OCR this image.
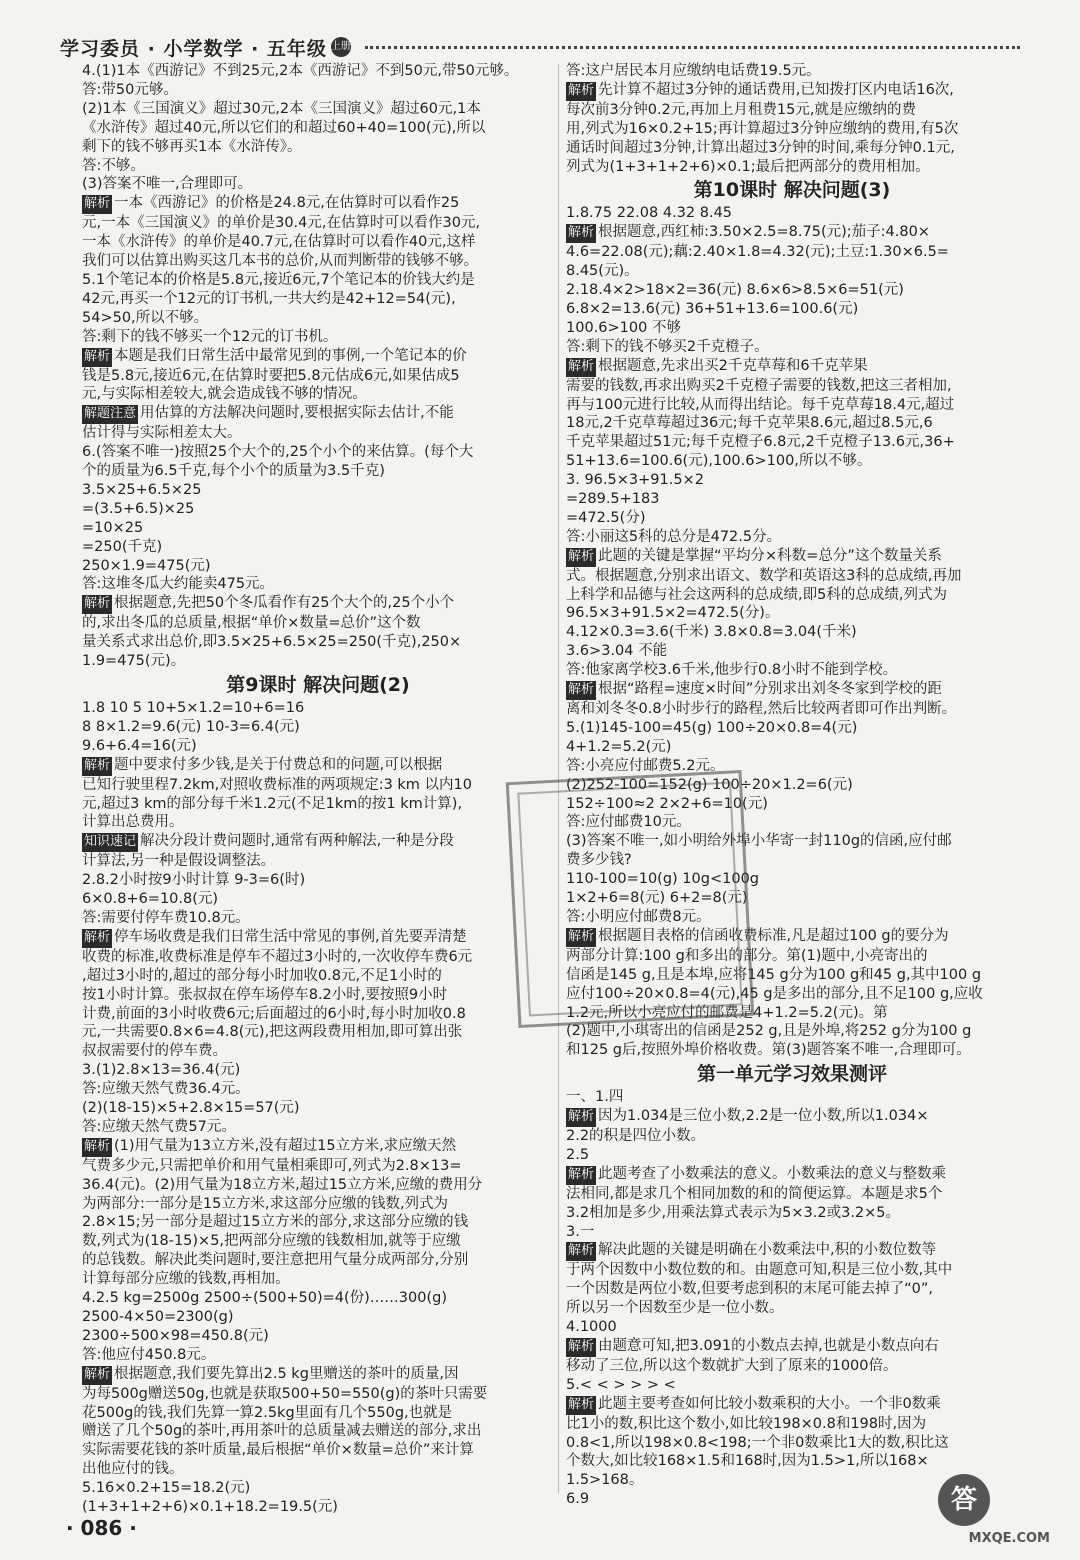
学习委员 · 小学数学 · 五年级 上册
4.(1)1本《西游记》不到25元,2本《西游记》不到50元,带50元够。
答:带50元够。
(2)1本《三国演义》超过30元,2本《三国演义》超过60元,1本
《水浒传》超过40元,所以它们的和超过60+40=100(元),所以
剩下的钱不够再买1本《水浒传》。
答:不够。
(3)答案不唯一,合理即可。
解析 一本《西游记》的价格是24.8元,在估算时可以看作25
元,一本《三国演义》的单价是30.4元,在估算时可以看作30元,
一本《水浒传》的单价是40.7元,在估算时可以看作40元,这样
我们可以估算出购买这几本书的总价,从而判断带的钱够不够。
5.1个笔记本的价格是5.8元,接近6元,7个笔记本的价钱大约是
42元,再买一个12元的订书机,一共大约是42+12=54(元),
54>50,所以不够。
答:剩下的钱不够买一个12元的订书机。
解析 本题是我们日常生活中最常见到的事例,一个笔记本的价
钱是5.8元,接近6元,在估算时要把5.8元估成6元,如果估成5
元,与实际相差较大,就会造成钱不够的情况。
解题注意 用估算的方法解决问题时,要根据实际去估计,不能
估计得与实际相差太大。
6.(答案不唯一)按照25个大个的,25个小个的来估算。(每个大
个的质量为6.5千克,每个小个的质量为3.5千克)
3.5×25+6.5×25
=(3.5+6.5)×25
=10×25
=250(千克)
250×1.9=475(元)
答:这堆冬瓜大约能卖475元。
解析 根据题意,先把50个冬瓜看作有25个大个的,25个小个
的,求出冬瓜的总质量,根据“单价×数量=总价”这个数
量关系式求出总价,即3.5×25+6.5×25=250(千克),250×
1.9=475(元)。
第9课时 解决问题(2)
1.8 10 5 10+5×1.2=10+6=16
8 8×1.2=9.6(元) 10-3=6.4(元)
9.6+6.4=16(元)
解析 题中要求付多少钱,是关于付费总和的问题,可以根据
已知行驶里程7.2km,对照收费标准的两项规定:3 km 以内10
元,超过3 km的部分每千米1.2元(不足1km的按1 km计算),
计算出总费用。
知识速记 解决分段计费问题时,通常有两种解法,一种是分段
计算法,另一种是假设调整法。
2.8.2小时按9小时计算 9-3=6(时)
6×0.8+6=10.8(元)
答:需要付停车费10.8元。
解析 停车场收费是我们日常生活中常见的事例,首先要弄清楚
收费的标准,收费标准是停车不超过3小时的,一次收停车费6元
,超过3小时的,超过的部分每小时加收0.8元,不足1小时的
按1小时计算。张叔叔在停车场停车8.2小时,要按照9小时
计费,前面的3小时收费6元;后面超过的6小时,每小时加收0.8
元,一共需要0.8×6=4.8(元),把这两段费用相加,即可算出张
叔叔需要付的停车费。
3.(1)2.8×13=36.4(元)
答:应缴天然气费36.4元。
(2)(18-15)×5+2.8×15=57(元)
答:应缴天然气费57元。
解析 (1)用气量为13立方米,没有超过15立方米,求应缴天然
气费多少元,只需把单价和用气量相乘即可,列式为2.8×13=
36.4(元)。(2)用气量为18立方米,超过15立方米,应缴的费用分
为两部分:一部分是15立方米,求这部分应缴的钱数,列式为
2.8×15;另一部分是超过15立方米的部分,求这部分应缴的钱
数,列式为(18-15)×5,把两部分应缴的钱数相加,就等于应缴
的总钱数。解决此类问题时,要注意把用气量分成两部分,分别
计算每部分应缴的钱数,再相加。
4.2.5 kg=2500g 2500÷(500+50)=4(份)……300(g)
2500-4×50=2300(g)
2300÷500×98=450.8(元)
答:他应付450.8元。
解析 根据题意,我们要先算出2.5 kg里赠送的茶叶的质量,因
为每500g赠送50g,也就是获取500+50=550(g)的茶叶只需要
花500g的钱,我们先算一算2.5kg里面有几个550g,也就是
赠送了几个50g的茶叶,再用茶叶的总质量减去赠送的部分,求出
实际需要花钱的茶叶质量,最后根据“单价×数量=总价”来计算
出他应付的钱。
5.16×0.2+15=18.2(元)
(1+3+1+2+6)×0.1+18.2=19.5(元)
答:这户居民本月应缴纳电话费19.5元。
解析 先计算不超过3分钟的通话费用,已知拨打区内电话16次,
每次前3分钟0.2元,再加上月租费15元,就是应缴纳的费
用,列式为16×0.2+15;再计算超过3分钟应缴纳的费用,有5次
通话时间超过3分钟,计算出超过3分钟的时间,乘每分钟0.1元,
列式为(1+3+1+2+6)×0.1;最后把两部分的费用相加。
第10课时 解决问题(3)
1.8.75 22.08 4.32 8.45
解析 根据题意,西红柿:3.50×2.5=8.75(元);茄子:4.80×
4.6=22.08(元);藕:2.40×1.8=4.32(元);土豆:1.30×6.5=
8.45(元)。
2.18.4×2>18×2=36(元) 8.6×6>8.5×6=51(元)
6.8×2=13.6(元) 36+51+13.6=100.6(元)
100.6>100 不够
答:剩下的钱不够买2千克橙子。
解析 根据题意,先求出买2千克草莓和6千克苹果
需要的钱数,再求出购买2千克橙子需要的钱数,把这三者相加,
再与100元进行比较,从而得出结论。每千克草莓18.4元,超过
18元,2千克草莓超过36元;每千克苹果8.6元,超过8.5元,6
千克苹果超过51元;每千克橙子6.8元,2千克橙子13.6元,36+
51+13.6=100.6(元),100.6>100,所以不够。
3. 96.5×3+91.5×2
=289.5+183
=472.5(分)
答:小丽这5科的总分是472.5分。
解析 此题的关键是掌握“平均分×科数=总分”这个数量关系
式。根据题意,分别求出语文、数学和英语这3科的总成绩,再加
上科学和品德与社会这两科的总成绩,即5科的总成绩,列式为
96.5×3+91.5×2=472.5(分)。
4.12×0.3=3.6(千米) 3.8×0.8=3.04(千米)
3.6>3.04 不能
答:他家离学校3.6千米,他步行0.8小时不能到学校。
解析 根据“路程=速度×时间”分别求出刘冬冬家到学校的距
离和刘冬冬0.8小时步行的路程,然后比较两者即可作出判断。
5.(1)145-100=45(g) 100÷20×0.8=4(元)
4+1.2=5.2(元)
答:小亮应付邮费5.2元。
(2)252-100=152(g) 100÷20×1.2=6(元)
152÷100≈2 2×2+6=10(元)
答:应付邮费10元。
(3)答案不唯一,如小明给外埠小华寄一封110g的信函,应付邮
费多少钱?
110-100=10(g) 10g<100g
1×2+6=8(元) 6+2=8(元)
答:小明应付邮费8元。
解析 根据题目表格的信函收费标准,凡是超过100 g的要分为
两部分计算:100 g和多出的部分。第(1)题中,小亮寄出的
信函是145 g,且是本埠,应将145 g分为100 g和45 g,其中100 g
应付100÷20×0.8=4(元),45 g是多出的部分,且不足100 g,应收
1.2元,所以小亮应付的邮费是4+1.2=5.2(元)。第
(2)题中,小琪寄出的信函是252 g,且是外埠,将252 g分为100 g
和125 g后,按照外埠价格收费。第(3)题答案不唯一,合理即可。
第一单元学习效果测评
一、1.四
解析 因为1.034是三位小数,2.2是一位小数,所以1.034×
2.2的积是四位小数。
2.5
解析 此题考查了小数乘法的意义。小数乘法的意义与整数乘
法相同,都是求几个相同加数的和的简便运算。本题是求5个
3.2相加是多少,用乘法算式表示为5×3.2或3.2×5。
3.一
解析 解决此题的关键是明确在小数乘法中,积的小数位数等
于两个因数中小数位数的和。由题意可知,积是三位小数,其中
一个因数是两位小数,但要考虑到积的末尾可能去掉了“0”,
所以另一个因数至少是一位小数。
4.1000
解析 由题意可知,把3.091的小数点去掉,也就是小数点向右
移动了三位,所以这个数就扩大到了原来的1000倍。
5.< < > > > <
解析 此题主要考查如何比较小数乘积的大小。一个非0数乘
比1小的数,积比这个数小,如比较198×0.8和198时,因为
0.8<1,所以198×0.8<198;一个非0数乘比1大的数,积比这
个数大,如比较168×1.5和168时,因为1.5>1,所以168×
1.5>168。
6.9
· 086 ·
答
MXQE.COM
